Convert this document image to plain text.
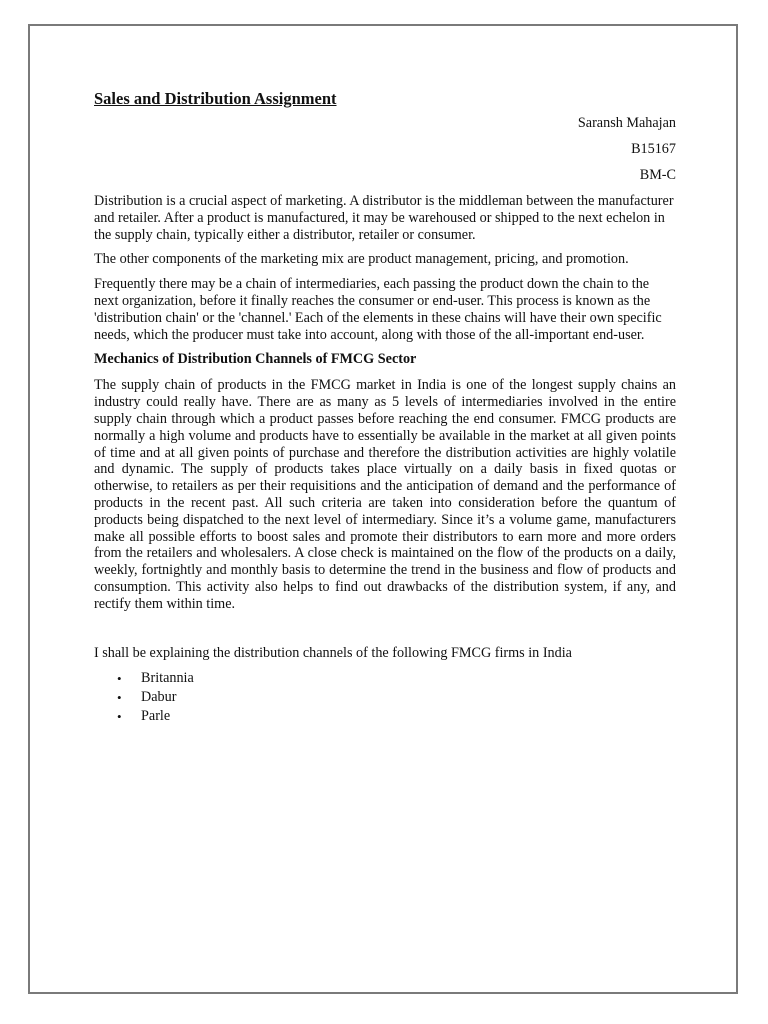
Sales and Distribution Assignment
Saransh Mahajan
B15167
BM-C

Distribution is a crucial aspect of marketing. A distributor is the middleman between the manufacturer and retailer. After a product is manufactured, it may be warehoused or shipped to the next echelon in the supply chain, typically either a distributor, retailer or consumer.

The other components of the marketing mix are product management, pricing, and promotion.

Frequently there may be a chain of intermediaries, each passing the product down the chain to the next organization, before it finally reaches the consumer or end-user. This process is known as the 'distribution chain' or the 'channel.' Each of the elements in these chains will have their own specific needs, which the producer must take into account, along with those of the all-important end-user.

Mechanics of Distribution Channels of FMCG Sector

The supply chain of products in the FMCG market in India is one of the longest supply chains an industry could really have. There are as many as 5 levels of intermediaries involved in the entire supply chain through which a product passes before reaching the end consumer. FMCG products are normally a high volume and products have to essentially be available in the market at all given points of time and at all given points of purchase and therefore the distribution activities are highly volatile and dynamic. The supply of products takes place virtually on a daily basis in fixed quotas or otherwise, to retailers as per their requisitions and the anticipation of demand and the performance of products in the recent past. All such criteria are taken into consideration before the quantum of products being dispatched to the next level of intermediary. Since it’s a volume game, manufacturers make all possible efforts to boost sales and promote their distributors to earn more and more orders from the retailers and wholesalers. A close check is maintained on the flow of the products on a daily, weekly, fortnightly and monthly basis to determine the trend in the business and flow of products and consumption. This activity also helps to find out drawbacks of the distribution system, if any, and rectify them within time.

I shall be explaining the distribution channels of the following FMCG firms in India

• Britannia
• Dabur
• Parle
